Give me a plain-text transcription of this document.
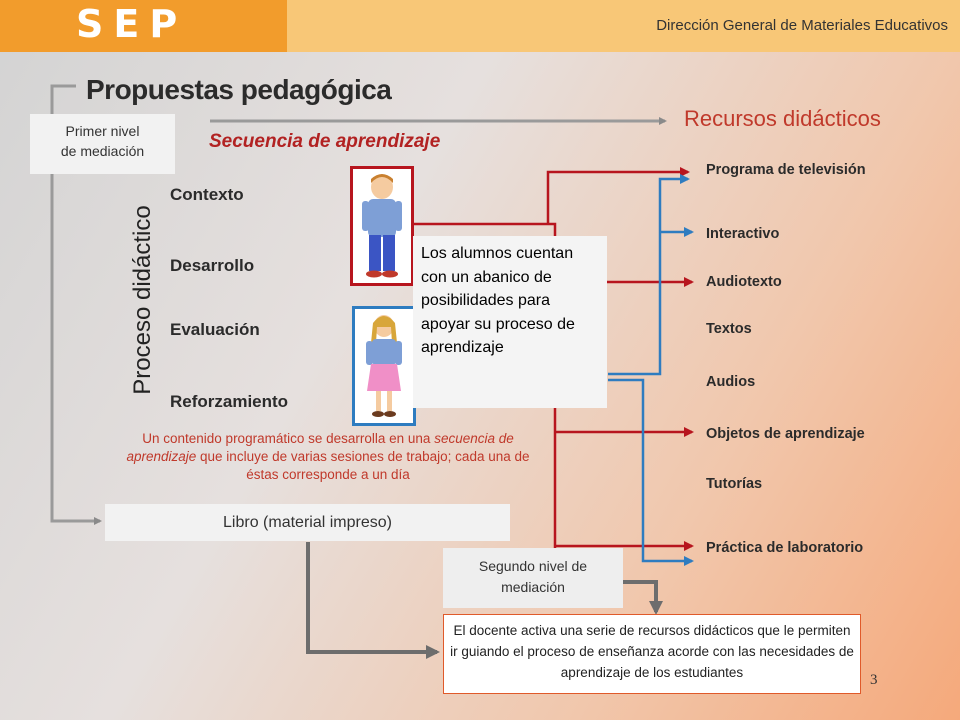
SEP	Dirección General de Materiales Educativos
Propuestas pedagógica
Recursos didácticos
Secuencia de aprendizaje
Primer nivel
de mediación
Proceso didáctico
Contexto
Desarrollo
Evaluación
Reforzamiento
Los alumnos cuentan con un abanico de posibilidades para apoyar su proceso de aprendizaje
Un contenido programático se desarrolla en una secuencia de aprendizaje que incluye de varias sesiones de trabajo; cada una de éstas corresponde a un día
Libro (material impreso)
Segundo nivel de
mediación
El docente activa una serie de recursos didácticos que le permiten ir guiando el proceso de enseñanza acorde con las necesidades de aprendizaje de los estudiantes
Programa de televisión
Interactivo
Audiotexto
Textos
Audios
Objetos de aprendizaje
Tutorías
Práctica de laboratorio
3
